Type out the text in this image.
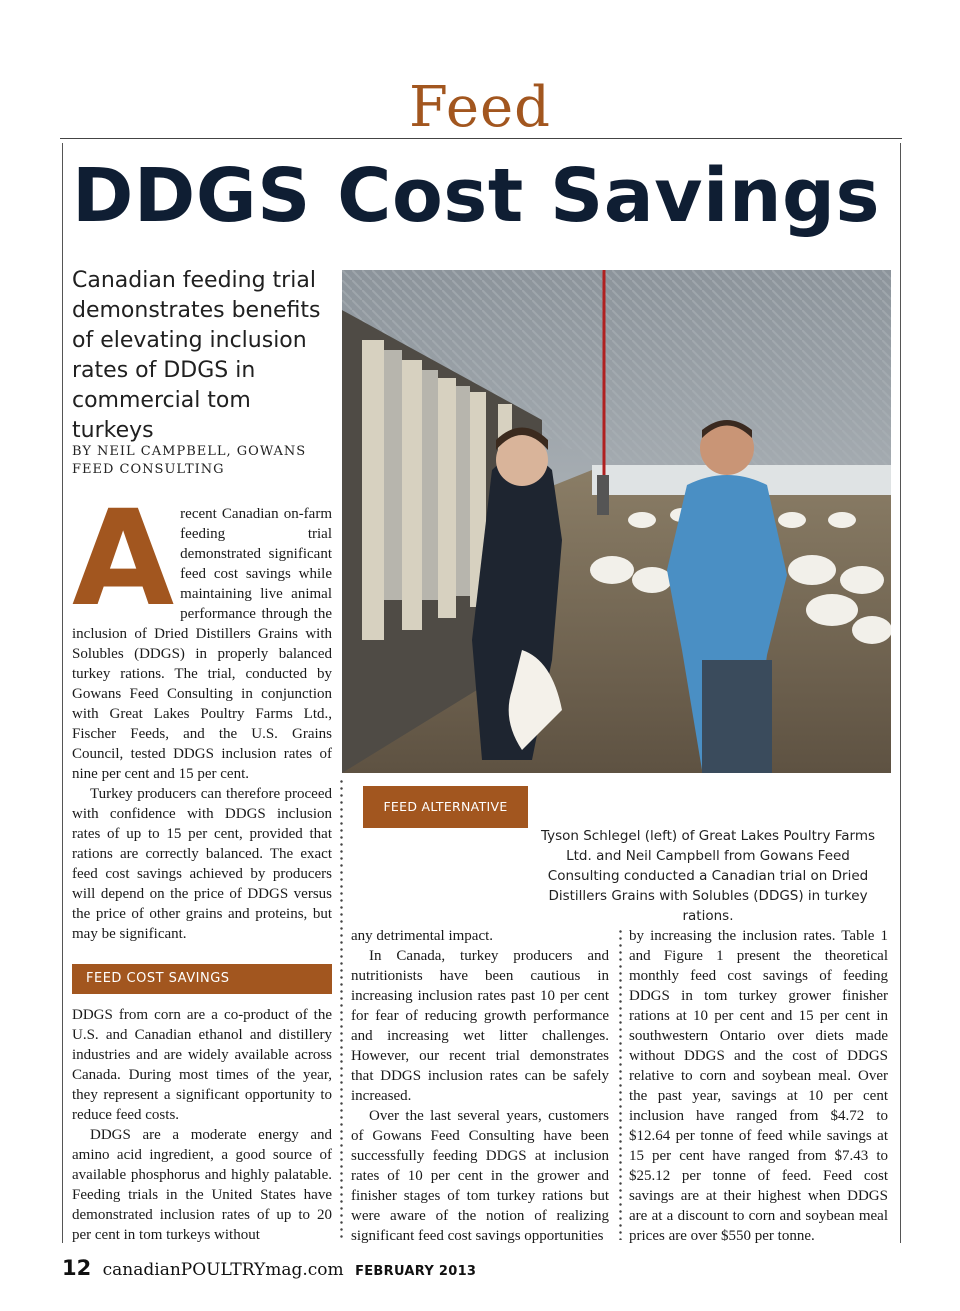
Feed
DDGS Cost Savings
Canadian feeding trial demonstrates benefits of elevating inclusion rates of DDGS in commercial tom turkeys
BY NEIL CAMPBELL, GOWANS FEED CONSULTING
A recent Canadian on-farm feeding trial demonstrated significant feed cost savings while maintaining live animal performance through the inclusion of Dried Distillers Grains with Solubles (DDGS) in properly balanced turkey rations. The trial, conducted by Gowans Feed Consulting in conjunction with Great Lakes Poultry Farms Ltd., Fischer Feeds, and the U.S. Grains Council, tested DDGS inclusion rates of nine per cent and 15 per cent.

Turkey producers can therefore proceed with confidence with DDGS inclusion rates of up to 15 per cent, provided that rations are correctly balanced. The exact feed cost savings achieved by producers will depend on the price of DDGS versus the price of other grains and proteins, but may be significant.

FEED COST SAVINGS

DDGS from corn are a co-product of the U.S. and Canadian ethanol and distillery industries and are widely available across Canada. During most times of the year, they represent a significant opportunity to reduce feed costs.

DDGS are a moderate energy and amino acid ingredient, a good source of available phosphorus and highly palatable. Feeding trials in the United States have demonstrated inclusion rates of up to 20 per cent in tom turkeys without

FEED ALTERNATIVE
Tyson Schlegel (left) of Great Lakes Poultry Farms Ltd. and Neil Campbell from Gowans Feed Consulting conducted a Canadian trial on Dried Distillers Grains with Solubles (DDGS) in turkey rations.

any detrimental impact.

In Canada, turkey producers and nutritionists have been cautious in increasing inclusion rates past 10 per cent for fear of reducing growth performance and increasing wet litter challenges. However, our recent trial demonstrates that DDGS inclusion rates can be safely increased.

Over the last several years, customers of Gowans Feed Consulting have been successfully feeding DDGS at inclusion rates of 10 per cent in the grower and finisher stages of tom turkey rations but were aware of the notion of realizing significant feed cost savings opportunities

by increasing the inclusion rates. Table 1 and Figure 1 present the theoretical monthly feed cost savings of feeding DDGS in tom turkey grower finisher rations at 10 per cent and 15 per cent in southwestern Ontario over diets made without DDGS and the cost of DDGS relative to corn and soybean meal. Over the past year, savings at 10 per cent inclusion have ranged from $4.72 to $12.64 per tonne of feed while savings at 15 per cent have ranged from $7.43 to $25.12 per tonne of feed. Feed cost savings are at their highest when DDGS are at a discount to corn and soybean meal prices are over $550 per tonne.

12 canadianPOULTRYmag.com FEBRUARY 2013
